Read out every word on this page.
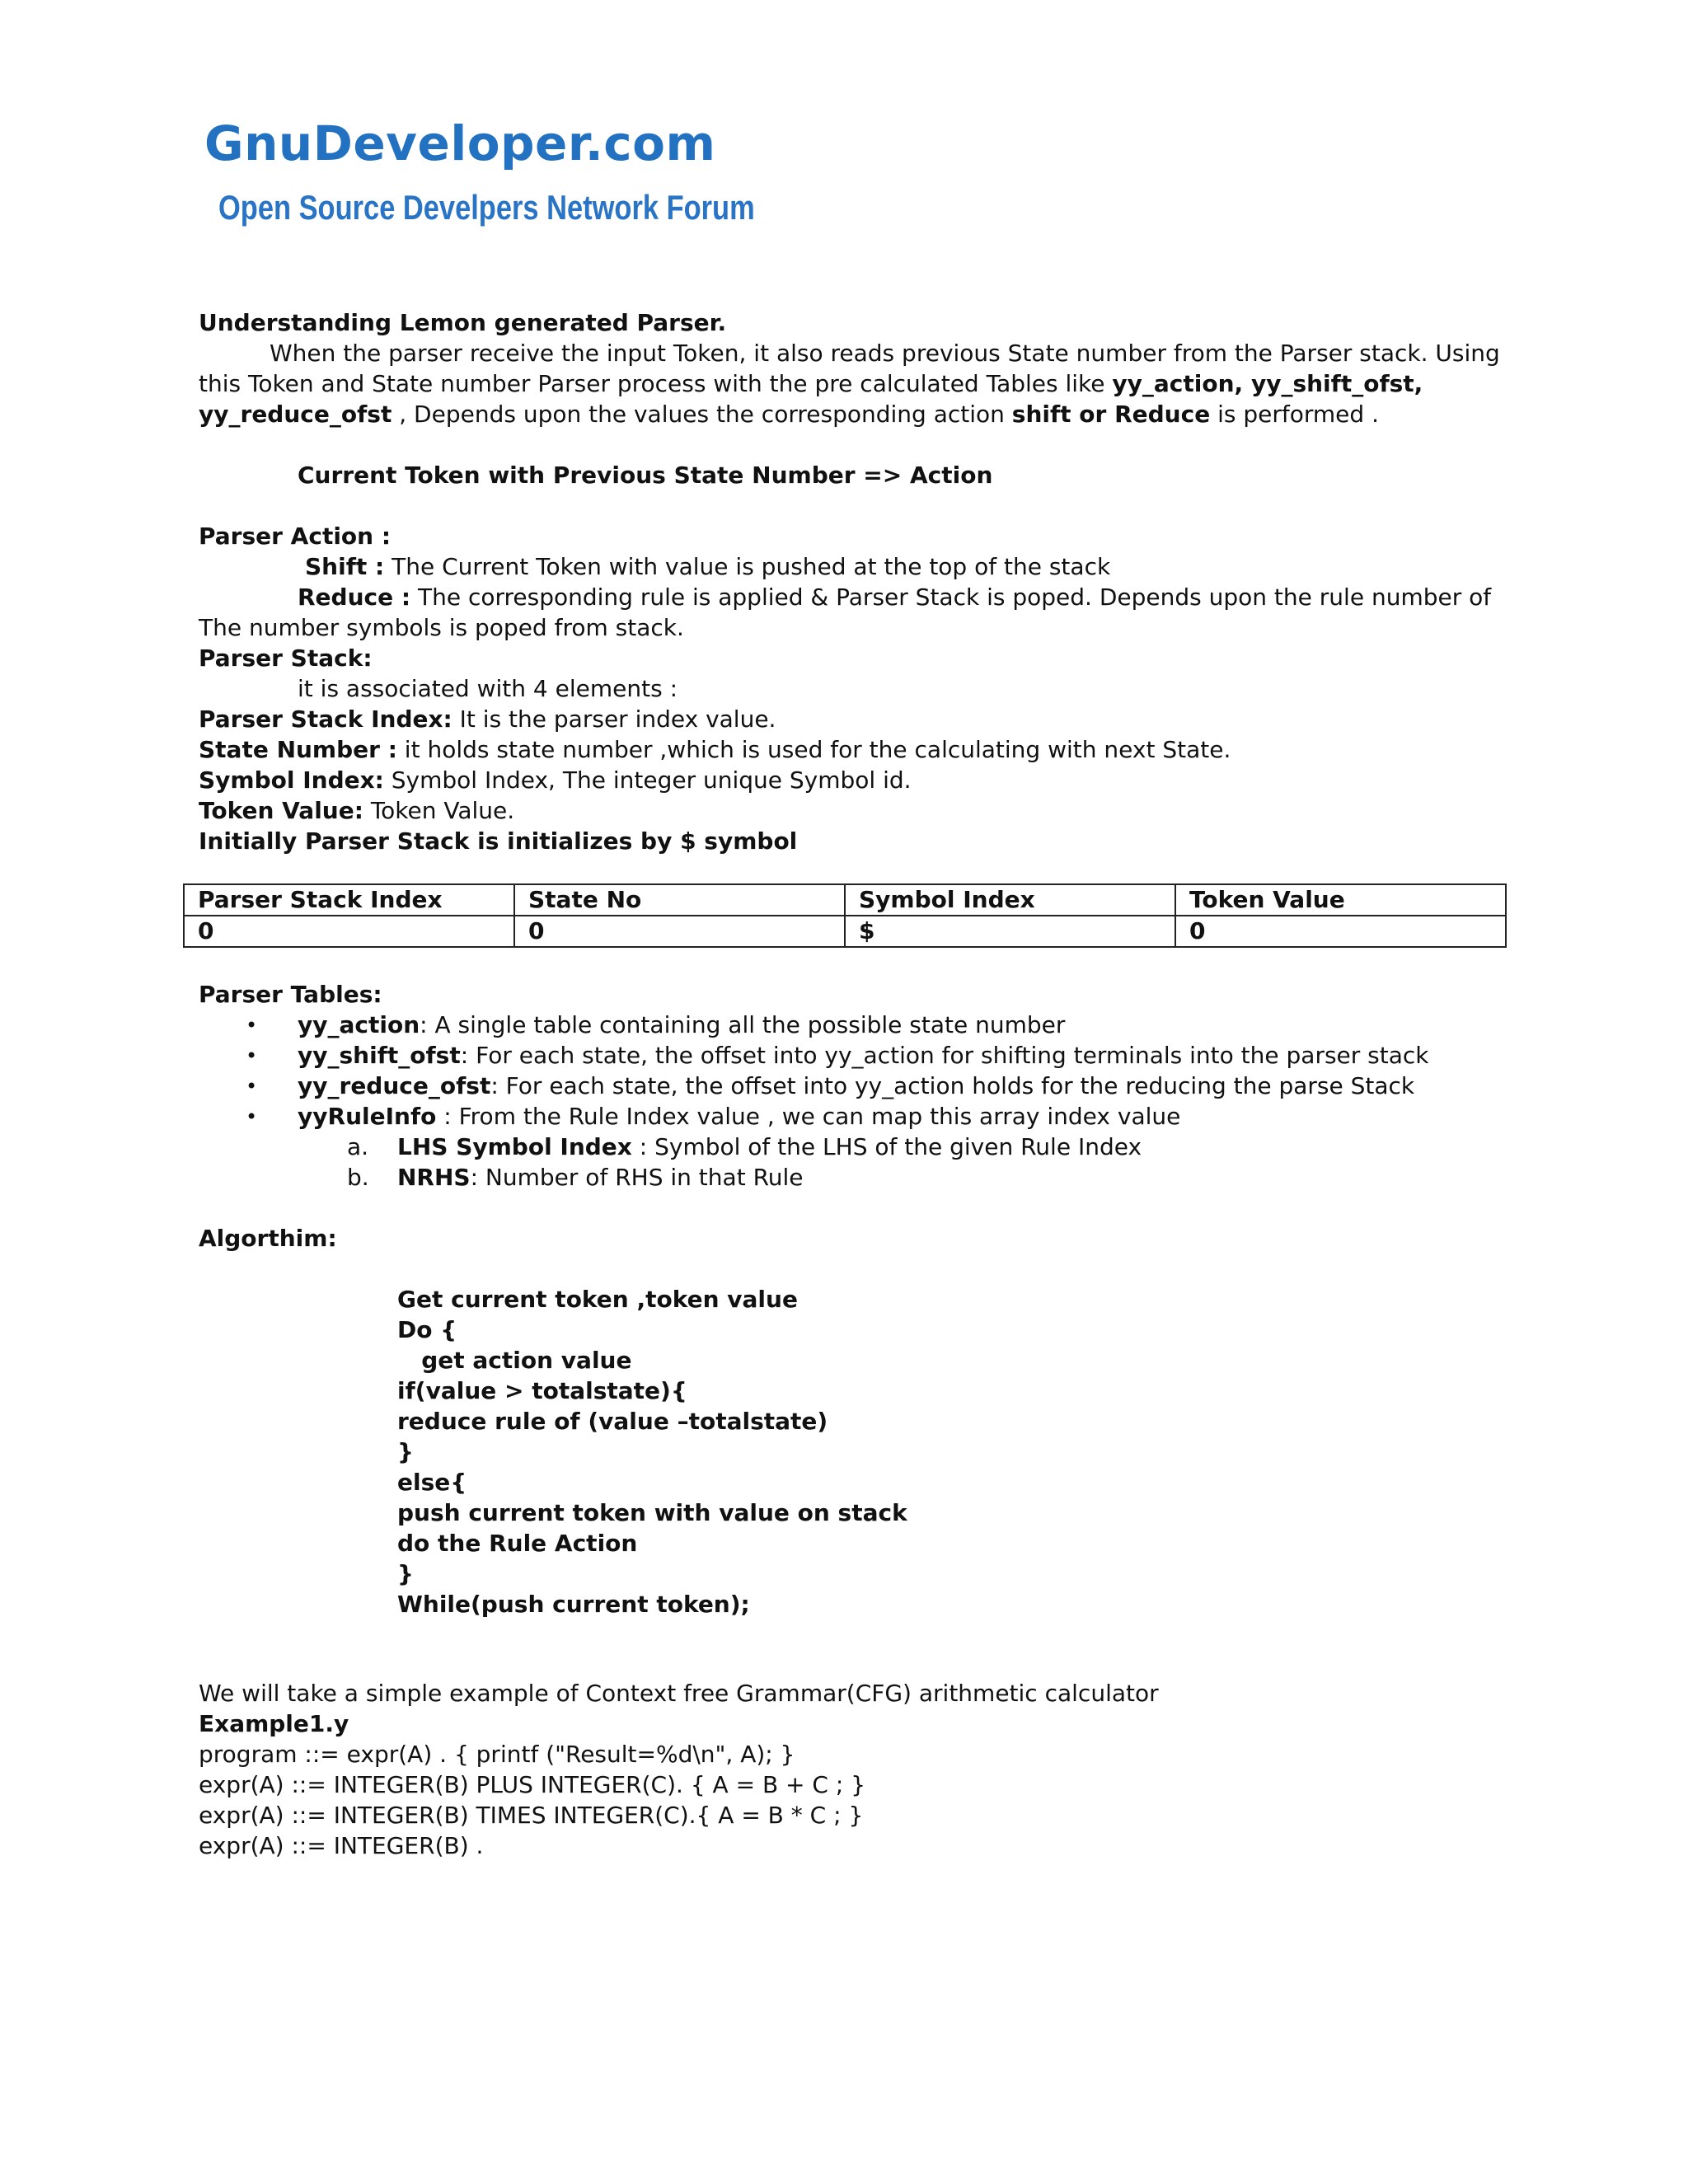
GnuDeveloper.com
Open Source Develpers Network Forum
Understanding Lemon generated Parser.
When the parser receive the input Token, it also reads previous State number from the Parser stack. Using
this Token and State number Parser process with the pre calculated Tables like yy_action, yy_shift_ofst,
yy_reduce_ofst , Depends upon the values the corresponding action shift or Reduce is performed .
Current Token with Previous State Number => Action
Parser Action :
Shift : The Current Token with value is pushed at the top of the stack
Reduce : The corresponding rule is applied & Parser Stack is poped. Depends upon the rule number of
The number symbols is poped from stack.
Parser Stack:
it is associated with 4 elements :
Parser Stack Index: It is the parser index value.
State Number : it holds state number ,which is used for the calculating with next State.
Symbol Index: Symbol Index, The integer unique Symbol id.
Token Value: Token Value.
Initially Parser Stack is initializes by $ symbol
Parser Stack Index	State No	Symbol Index	Token Value
0	0	$	0
Parser Tables:
• yy_action: A single table containing all the possible state number
• yy_shift_ofst: For each state, the offset into yy_action for shifting terminals into the parser stack
• yy_reduce_ofst: For each state, the offset into yy_action holds for the reducing the parse Stack
• yyRuleInfo : From the Rule Index value , we can map this array index value
a. LHS Symbol Index : Symbol of the LHS of the given Rule Index
b. NRHS: Number of RHS in that Rule
Algorthim:
Get current token ,token value
Do {
get action value
if(value > totalstate){
reduce rule of (value –totalstate)
}
else{
push current token with value on stack
do the Rule Action
}
While(push current token);
We will take a simple example of Context free Grammar(CFG) arithmetic calculator
Example1.y
program ::= expr(A) . { printf ("Result=%d\n", A); }
expr(A) ::= INTEGER(B) PLUS INTEGER(C). { A = B + C ; }
expr(A) ::= INTEGER(B) TIMES INTEGER(C).{ A = B * C ; }
expr(A) ::= INTEGER(B) .
